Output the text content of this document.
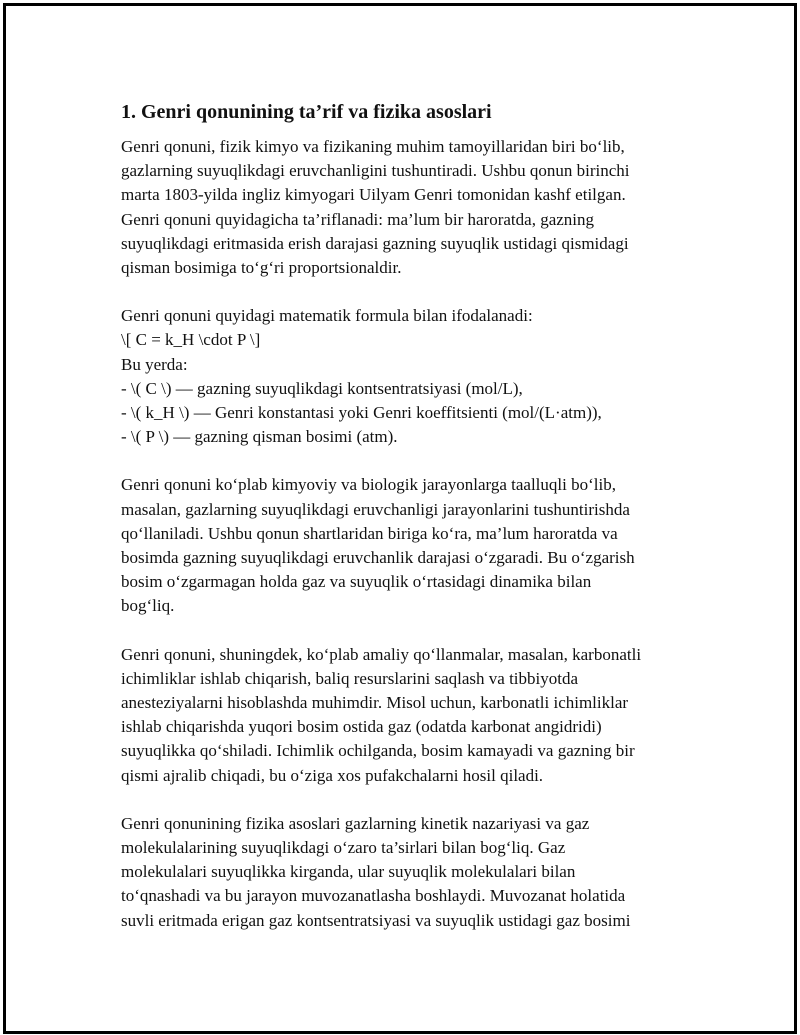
1. Genri qonunining ta’rif va fizika asoslari
Genri qonuni, fizik kimyo va fizikaning muhim tamoyillaridan biri bo‘lib,
gazlarning suyuqlikdagi eruvchanligini tushuntiradi. Ushbu qonun birinchi
marta 1803-yilda ingliz kimyogari Uilyam Genri tomonidan kashf etilgan.
Genri qonuni quyidagicha ta’riflanadi: ma’lum bir haroratda, gazning
suyuqlikdagi eritmasida erish darajasi gazning suyuqlik ustidagi qismidagi
qisman bosimiga to‘g‘ri proportsionaldir.
Genri qonuni quyidagi matematik formula bilan ifodalanadi:
\[ C = k_H \cdot P \]
Bu yerda:
- \( C \) — gazning suyuqlikdagi kontsentratsiyasi (mol/L),
- \( k_H \) — Genri konstantasi yoki Genri koeffitsienti (mol/(L·atm)),
- \( P \) — gazning qisman bosimi (atm).
Genri qonuni ko‘plab kimyoviy va biologik jarayonlarga taalluqli bo‘lib,
masalan, gazlarning suyuqlikdagi eruvchanligi jarayonlarini tushuntirishda
qo‘llaniladi. Ushbu qonun shartlaridan biriga ko‘ra, ma’lum haroratda va
bosimda gazning suyuqlikdagi eruvchanlik darajasi o‘zgaradi. Bu o‘zgarish
bosim o‘zgarmagan holda gaz va suyuqlik o‘rtasidagi dinamika bilan
bog‘liq.
Genri qonuni, shuningdek, ko‘plab amaliy qo‘llanmalar, masalan, karbonatli
ichimliklar ishlab chiqarish, baliq resurslarini saqlash va tibbiyotda
anesteziyalarni hisoblashda muhimdir. Misol uchun, karbonatli ichimliklar
ishlab chiqarishda yuqori bosim ostida gaz (odatda karbonat angidridi)
suyuqlikka qo‘shiladi. Ichimlik ochilganda, bosim kamayadi va gazning bir
qismi ajralib chiqadi, bu o‘ziga xos pufakchalarni hosil qiladi.
Genri qonunining fizika asoslari gazlarning kinetik nazariyasi va gaz
molekulalarining suyuqlikdagi o‘zaro ta’sirlari bilan bog‘liq. Gaz
molekulalari suyuqlikka kirganda, ular suyuqlik molekulalari bilan
to‘qnashadi va bu jarayon muvozanatlasha boshlaydi. Muvozanat holatida
suvli eritmada erigan gaz kontsentratsiyasi va suyuqlik ustidagi gaz bosimi
